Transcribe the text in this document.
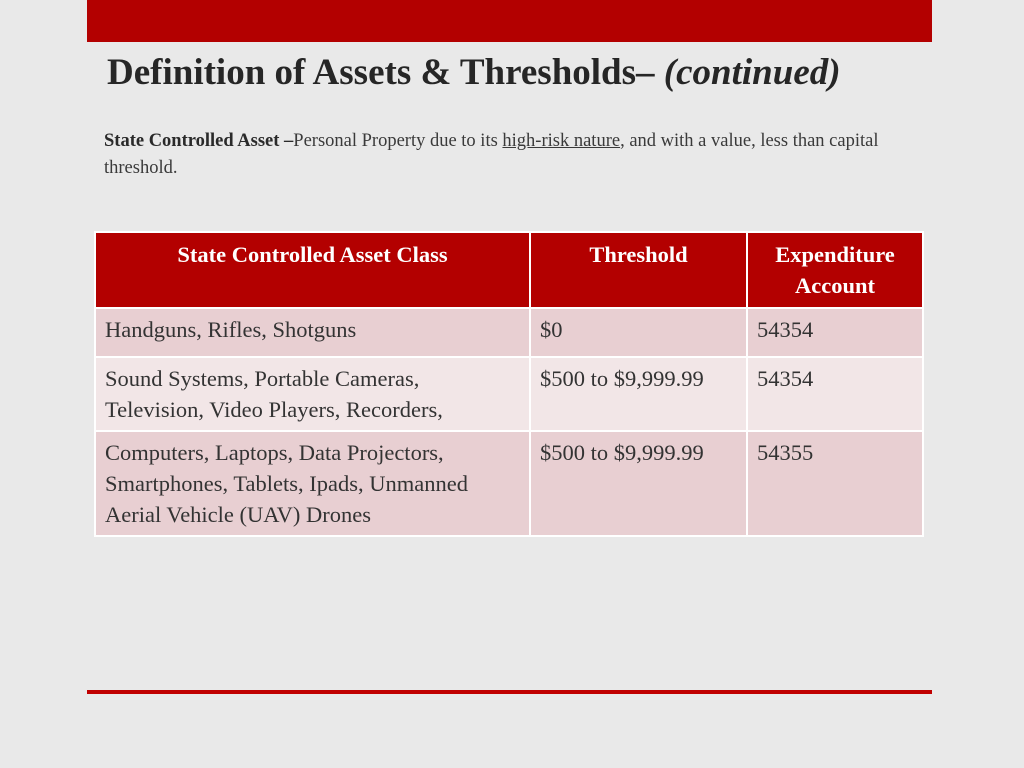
Definition of Assets & Thresholds– (continued)

State Controlled Asset –Personal Property due to its high-risk nature, and with a value, less than capital threshold.

State Controlled Asset Class	Threshold	Expenditure Account
Handguns, Rifles, Shotguns	$0	54354
Sound Systems, Portable Cameras, Television, Video Players, Recorders,	$500 to $9,999.99	54354
Computers, Laptops, Data Projectors, Smartphones, Tablets, Ipads, Unmanned Aerial Vehicle (UAV) Drones	$500 to $9,999.99	54355
